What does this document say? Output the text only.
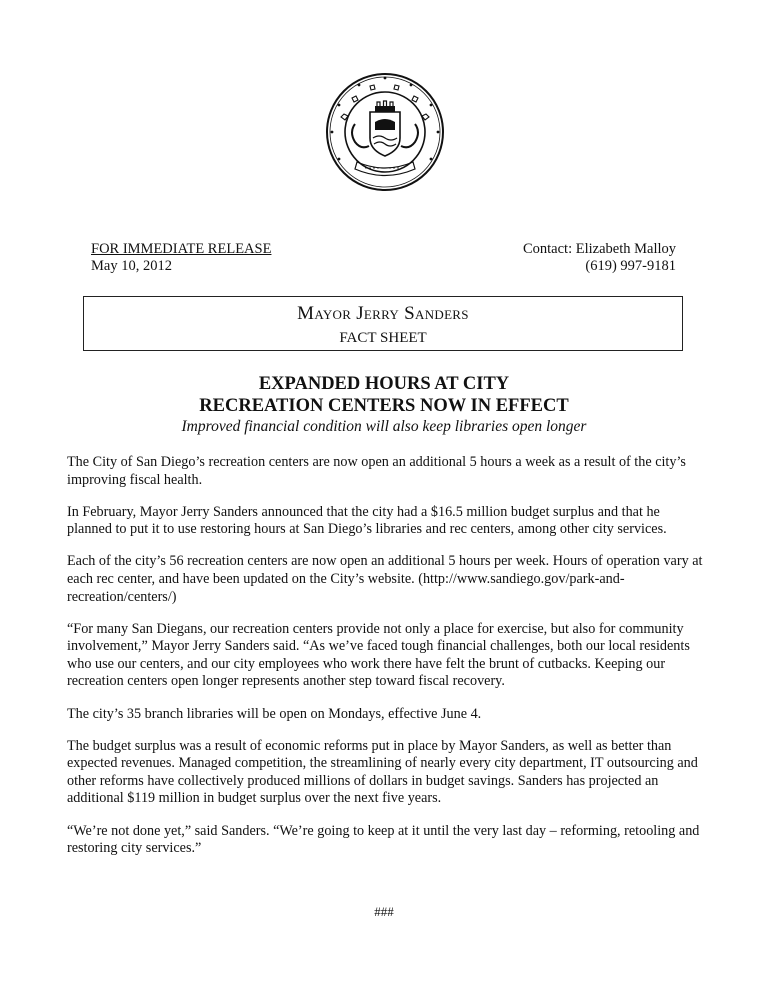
FOR IMMEDIATE RELEASE
May 10, 2012
Contact: Elizabeth Malloy
(619) 997-9181
Mayor Jerry Sanders
FACT SHEET
EXPANDED HOURS AT CITY
RECREATION CENTERS NOW IN EFFECT
Improved financial condition will also keep libraries open longer

The City of San Diego’s recreation centers are now open an additional 5 hours a week as a result of the city’s improving fiscal health.

In February, Mayor Jerry Sanders announced that the city had a $16.5 million budget surplus and that he planned to put it to use restoring hours at San Diego’s libraries and rec centers, among other city services.

Each of the city’s 56 recreation centers are now open an additional 5 hours per week. Hours of operation vary at each rec center, and have been updated on the City’s website. (http://www.sandiego.gov/park-and-recreation/centers/)

“For many San Diegans, our recreation centers provide not only a place for exercise, but also for community involvement,” Mayor Jerry Sanders said. “As we’ve faced tough financial challenges, both our local residents who use our centers, and our city employees who work there have felt the brunt of cutbacks. Keeping our recreation centers open longer represents another step toward fiscal recovery.

The city’s 35 branch libraries will be open on Mondays, effective June 4.

The budget surplus was a result of economic reforms put in place by Mayor Sanders, as well as better than expected revenues. Managed competition, the streamlining of nearly every city department, IT outsourcing and other reforms have collectively produced millions of dollars in budget savings. Sanders has projected an additional $119 million in budget surplus over the next five years.

“We’re not done yet,” said Sanders. “We’re going to keep at it until the very last day – reforming, retooling and restoring city services.”

###
